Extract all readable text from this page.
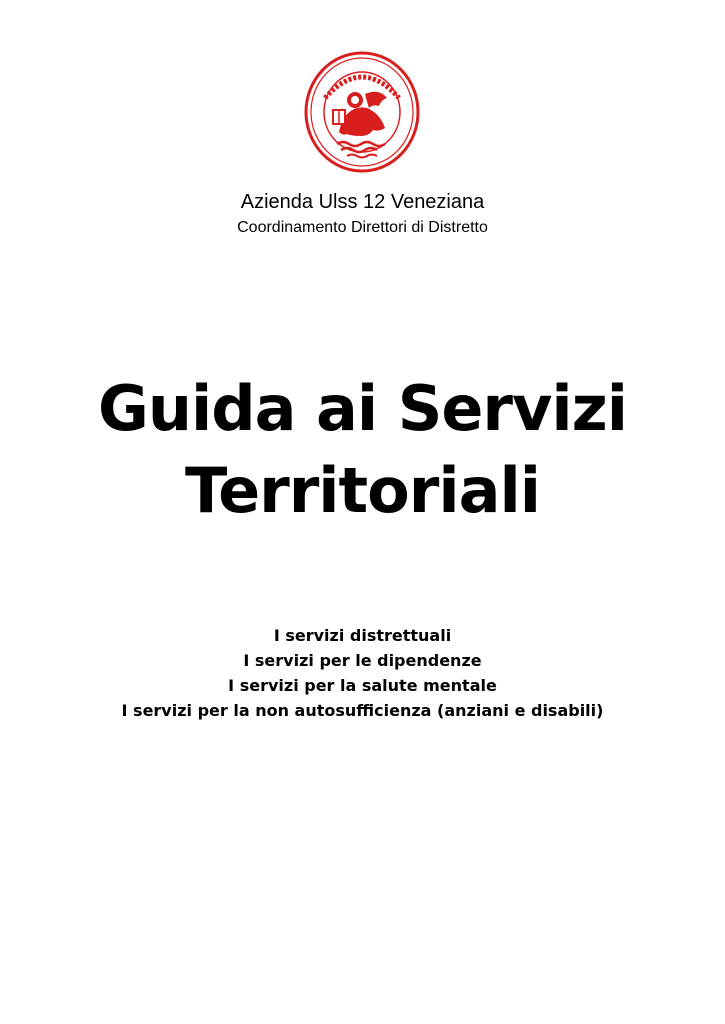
Azienda Ulss 12 Veneziana
Coordinamento Direttori di Distretto
Guida ai Servizi
Territoriali
I servizi distrettuali
I servizi per le dipendenze
I servizi per la salute mentale
I servizi per la non autosufficienza (anziani e disabili)
